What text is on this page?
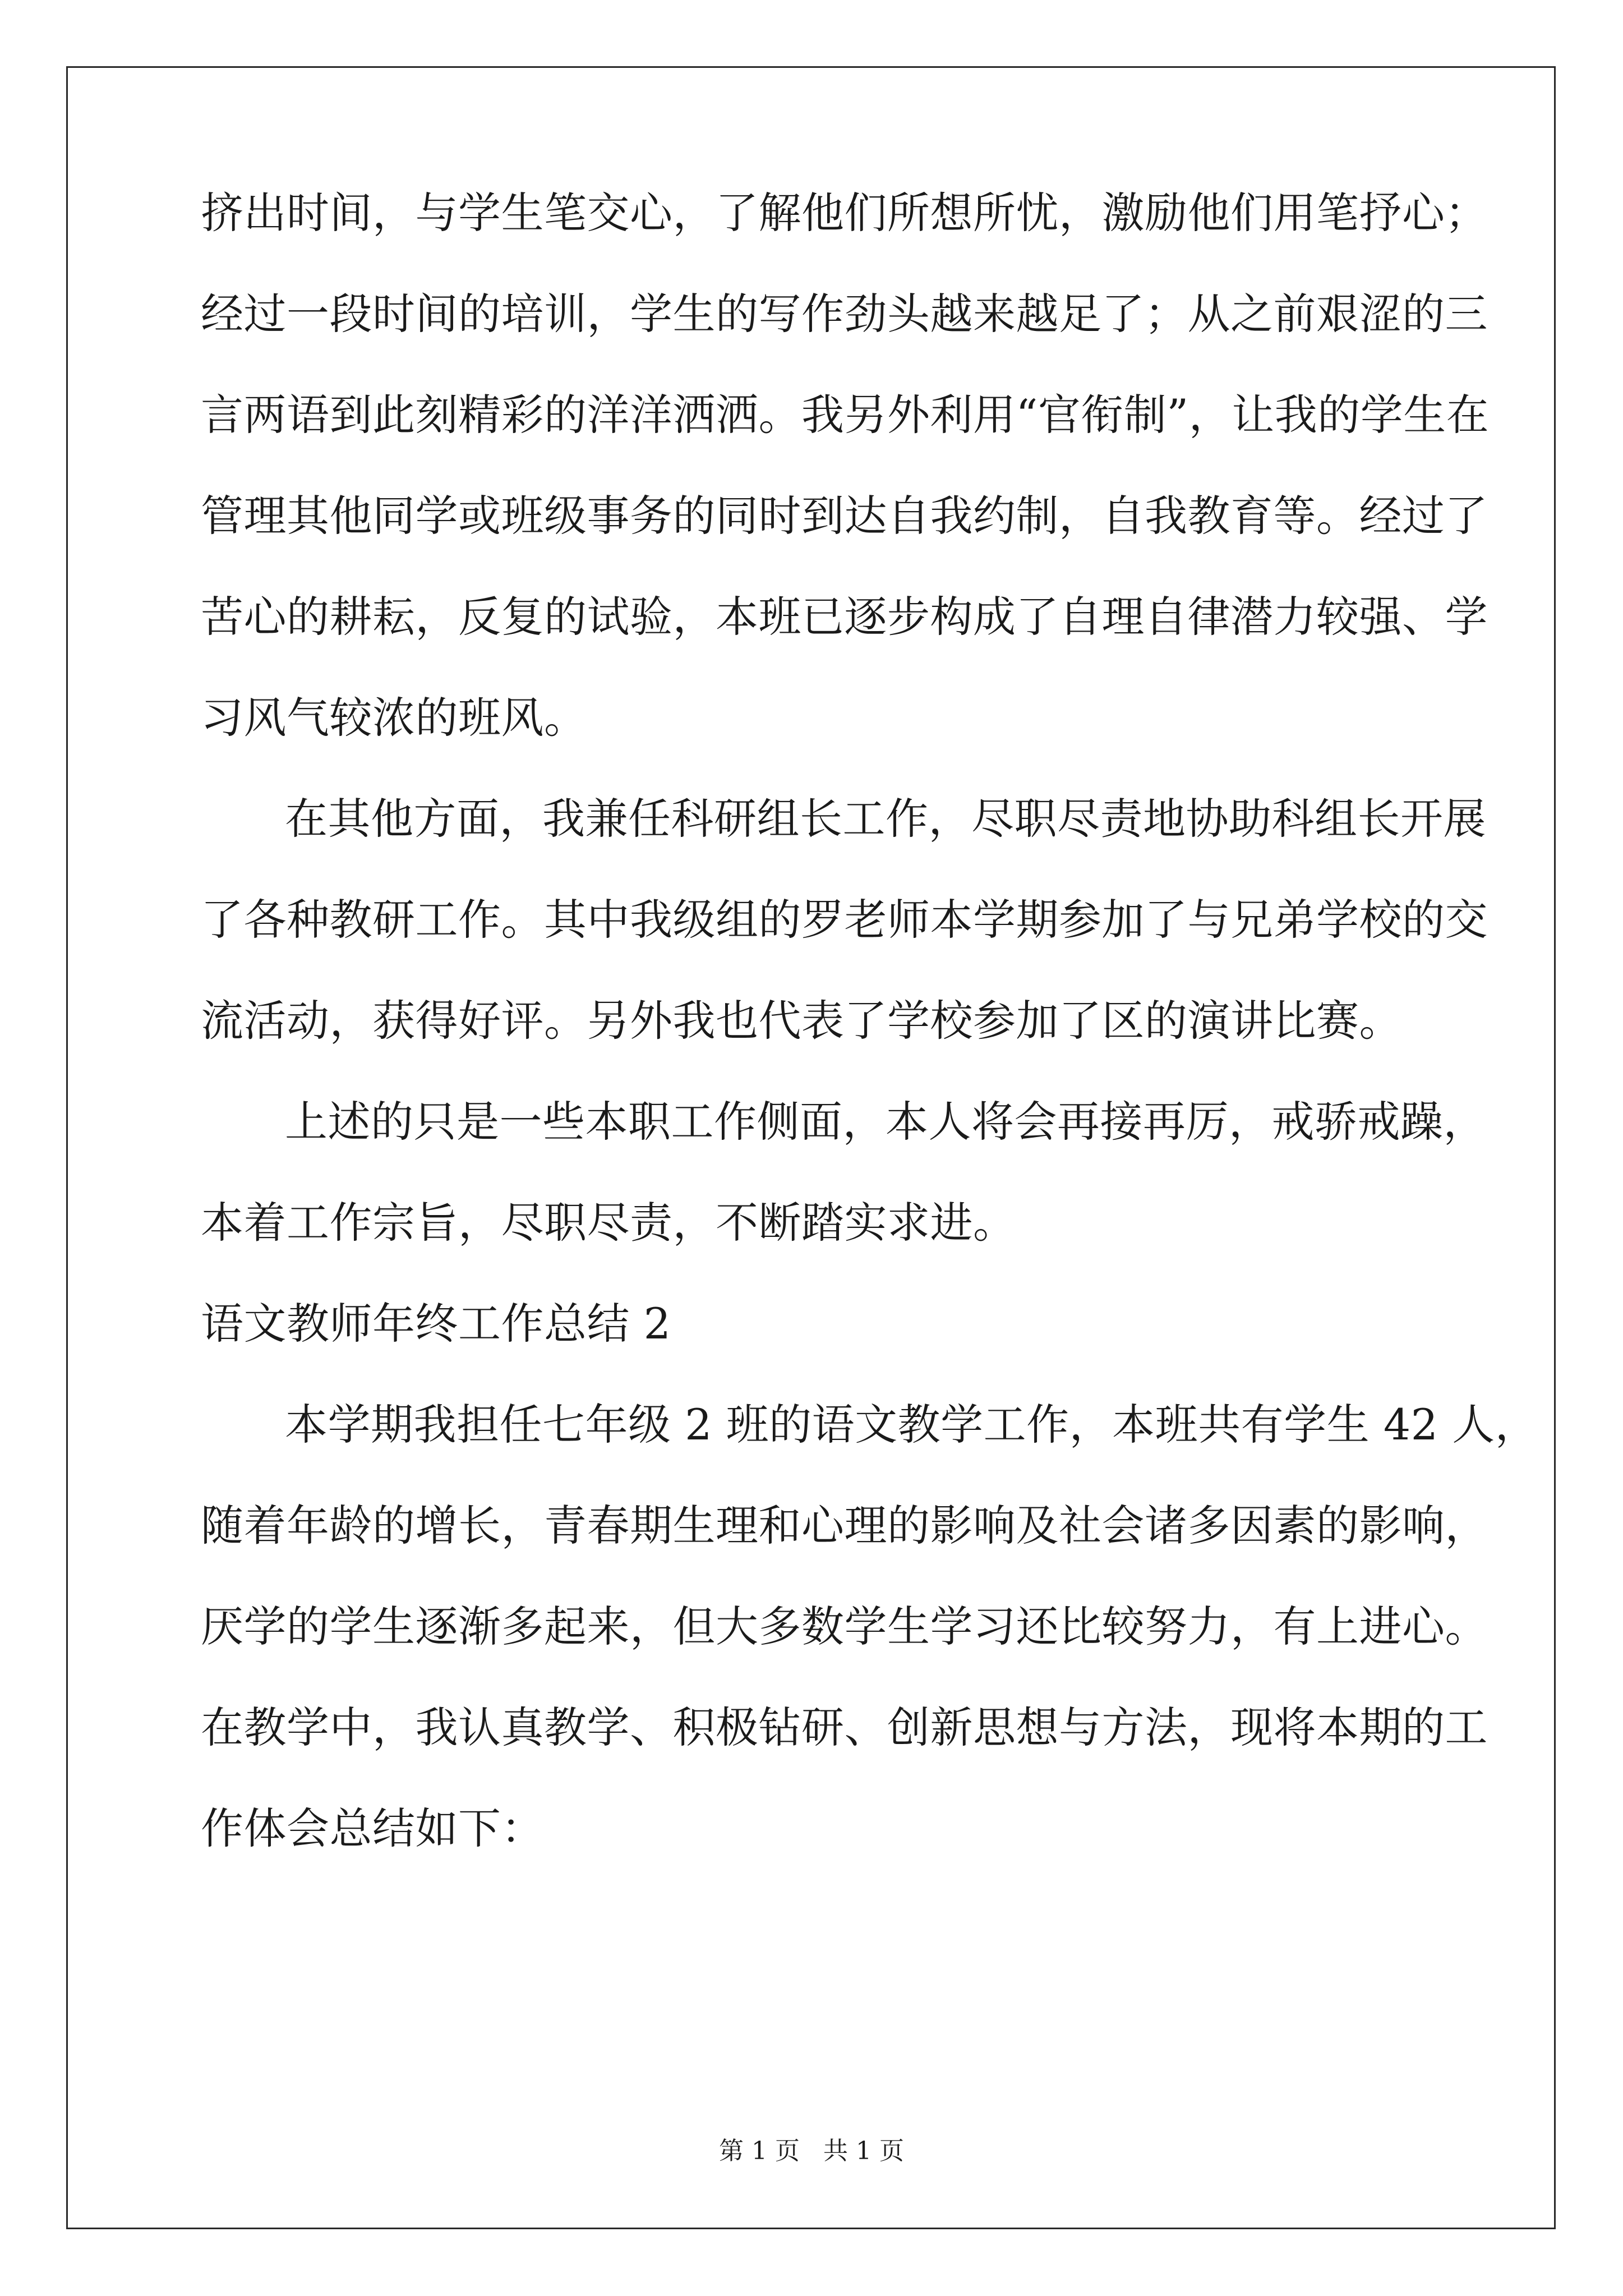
挤出时间，与学生笔交心，了解他们所想所忧，激励他们用笔抒心；
经过一段时间的培训，学生的写作劲头越来越足了；从之前艰涩的三
言两语到此刻精彩的洋洋洒洒。我另外利用“官衔制”，让我的学生在
管理其他同学或班级事务的同时到达自我约制，自我教育等。经过了
苦心的耕耘，反复的试验，本班已逐步构成了自理自律潜力较强、学
习风气较浓的班风。
在其他方面，我兼任科研组长工作，尽职尽责地协助科组长开展
了各种教研工作。其中我级组的罗老师本学期参加了与兄弟学校的交
流活动，获得好评。另外我也代表了学校参加了区的演讲比赛。
上述的只是一些本职工作侧面，本人将会再接再厉，戒骄戒躁，
本着工作宗旨，尽职尽责，不断踏实求进。
语文教师年终工作总结 2
本学期我担任七年级 2 班的语文教学工作，本班共有学生 42 人，
随着年龄的增长，青春期生理和心理的影响及社会诸多因素的影响，
厌学的学生逐渐多起来，但大多数学生学习还比较努力，有上进心。
在教学中，我认真教学、积极钻研、创新思想与方法，现将本期的工
作体会总结如下：
第 1 页   共 1 页
